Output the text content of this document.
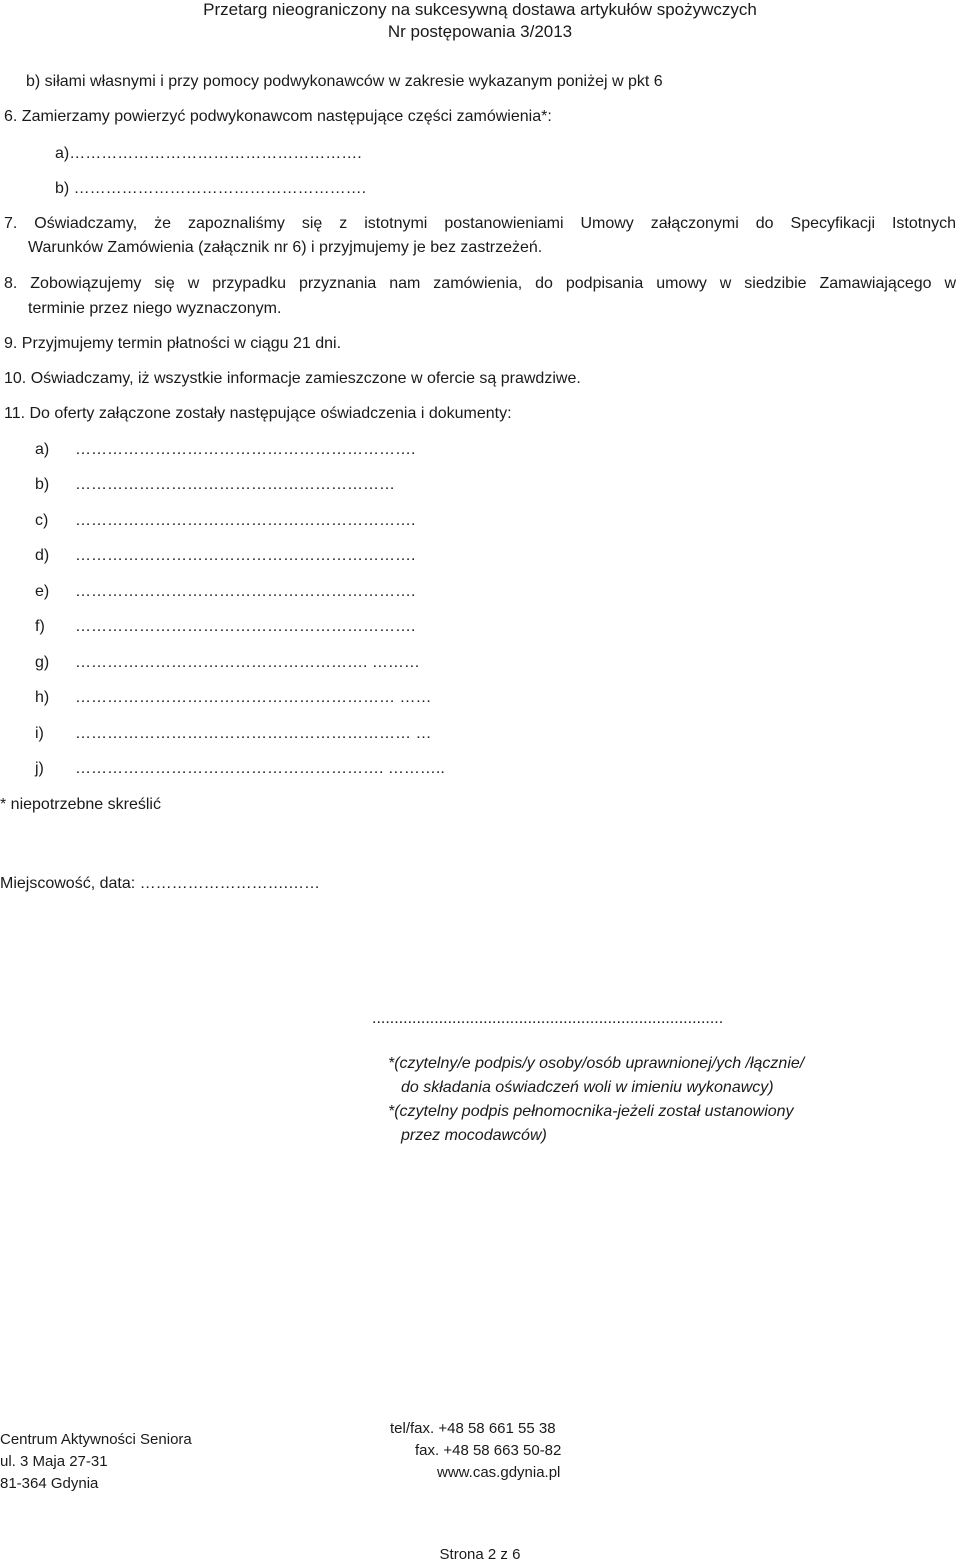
Przetarg nieograniczony na sukcesywną dostawa artykułów spożywczych
Nr postępowania 3/2013
b) siłami własnymi i przy pomocy podwykonawców w zakresie wykazanym poniżej w pkt 6
6. Zamierzamy powierzyć podwykonawcom następujące części zamówienia*:
a)……………………………………………….
b) ……………………………………………….
7. Oświadczamy, że zapoznaliśmy się z istotnymi postanowieniami Umowy załączonymi do Specyfikacji Istotnych
Warunków Zamówienia (załącznik nr 6) i przyjmujemy je bez zastrzeżeń.
8. Zobowiązujemy się w przypadku przyznania nam zamówienia, do podpisania umowy w siedzibie Zamawiającego w
terminie przez niego wyznaczonym.
9. Przyjmujemy termin płatności w ciągu 21 dni.
10. Oświadczamy, iż wszystkie informacje zamieszczone w ofercie są prawdziwe.
11. Do oferty załączone zostały następujące oświadczenia i dokumenty:
a) ……………………………………………………….
b) ……………………………………………………
c) ……………………………………………………….
d) ……………………………………………………….
e) ……………………………………………………….
f) ……………………………………………………….
g) ………………………………………………. ………
h) …………………………………………………… ……
i) ……………………………………………………… …
j) …………………………………………………. ………..
* niepotrzebne skreślić
Miejscowość, data: ……………………….……
...............................................................................
*(czytelny/e podpis/y osoby/osób uprawnionej/ych /łącznie/
do składania oświadczeń woli w imieniu wykonawcy)
*(czytelny podpis pełnomocnika-jeżeli został ustanowiony
przez mocodawców)
Centrum Aktywności Seniora
ul. 3 Maja 27-31
81-364 Gdynia
tel/fax. +48 58 661 55 38
fax. +48 58 663 50-82
www.cas.gdynia.pl
Strona 2 z 6
